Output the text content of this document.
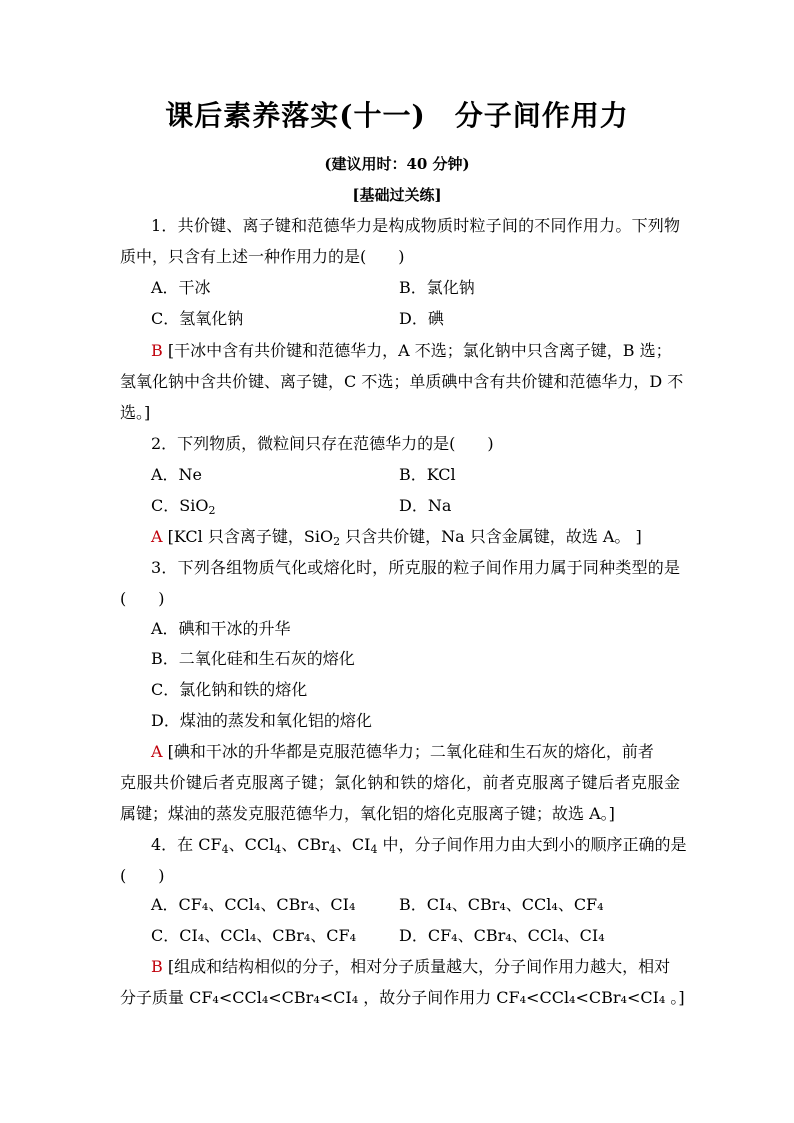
课后素养落实(十一)　分子间作用力
(建议用时：40 分钟)
[基础过关练]
1．共价键、离子键和范德华力是构成物质时粒子间的不同作用力。下列物
质中，只含有上述一种作用力的是(　　)
A．干冰	B．氯化钠
C．氢氧化钠	D．碘
B [干冰中含有共价键和范德华力，A 不选；氯化钠中只含离子键，B 选；
氢氧化钠中含共价键、离子键，C 不选；单质碘中含有共价键和范德华力，D 不
选。]
2．下列物质，微粒间只存在范德华力的是(　　)
A．Ne	B．KCl
C．SiO$_2$	D．Na
A [KCl 只含离子键，SiO$_2$ 只含共价键，Na 只含金属键，故选 A。 ]
3．下列各组物质气化或熔化时，所克服的粒子间作用力属于同种类型的是
(　　)
A．碘和干冰的升华
B．二氧化硅和生石灰的熔化
C．氯化钠和铁的熔化
D．煤油的蒸发和氧化铝的熔化
A [碘和干冰的升华都是克服范德华力；二氧化硅和生石灰的熔化，前者
克服共价键后者克服离子键；氯化钠和铁的熔化，前者克服离子键后者克服金
属键；煤油的蒸发克服范德华力，氧化铝的熔化克服离子键；故选 A。]
4．在 $CF_4$、CCl$_4$、CBr$_4$、$CI_4$ 中，分子间作用力由大到小的顺序正确的是
(　　)
A．CF₄、CCl₄、CBr₄、CI₄	B．CI₄、CBr₄、CCl₄、CF₄
C．CI₄、CCl₄、CBr₄、CF₄	D．CF₄、CBr₄、CCl₄、CI₄
B [组成和结构相似的分子，相对分子质量越大，分子间作用力越大，相对
分子质量 CF₄<CCl₄<CBr₄<CI₄ ，故分子间作用力 CF₄<CCl₄<CBr₄<CI₄ 。]
